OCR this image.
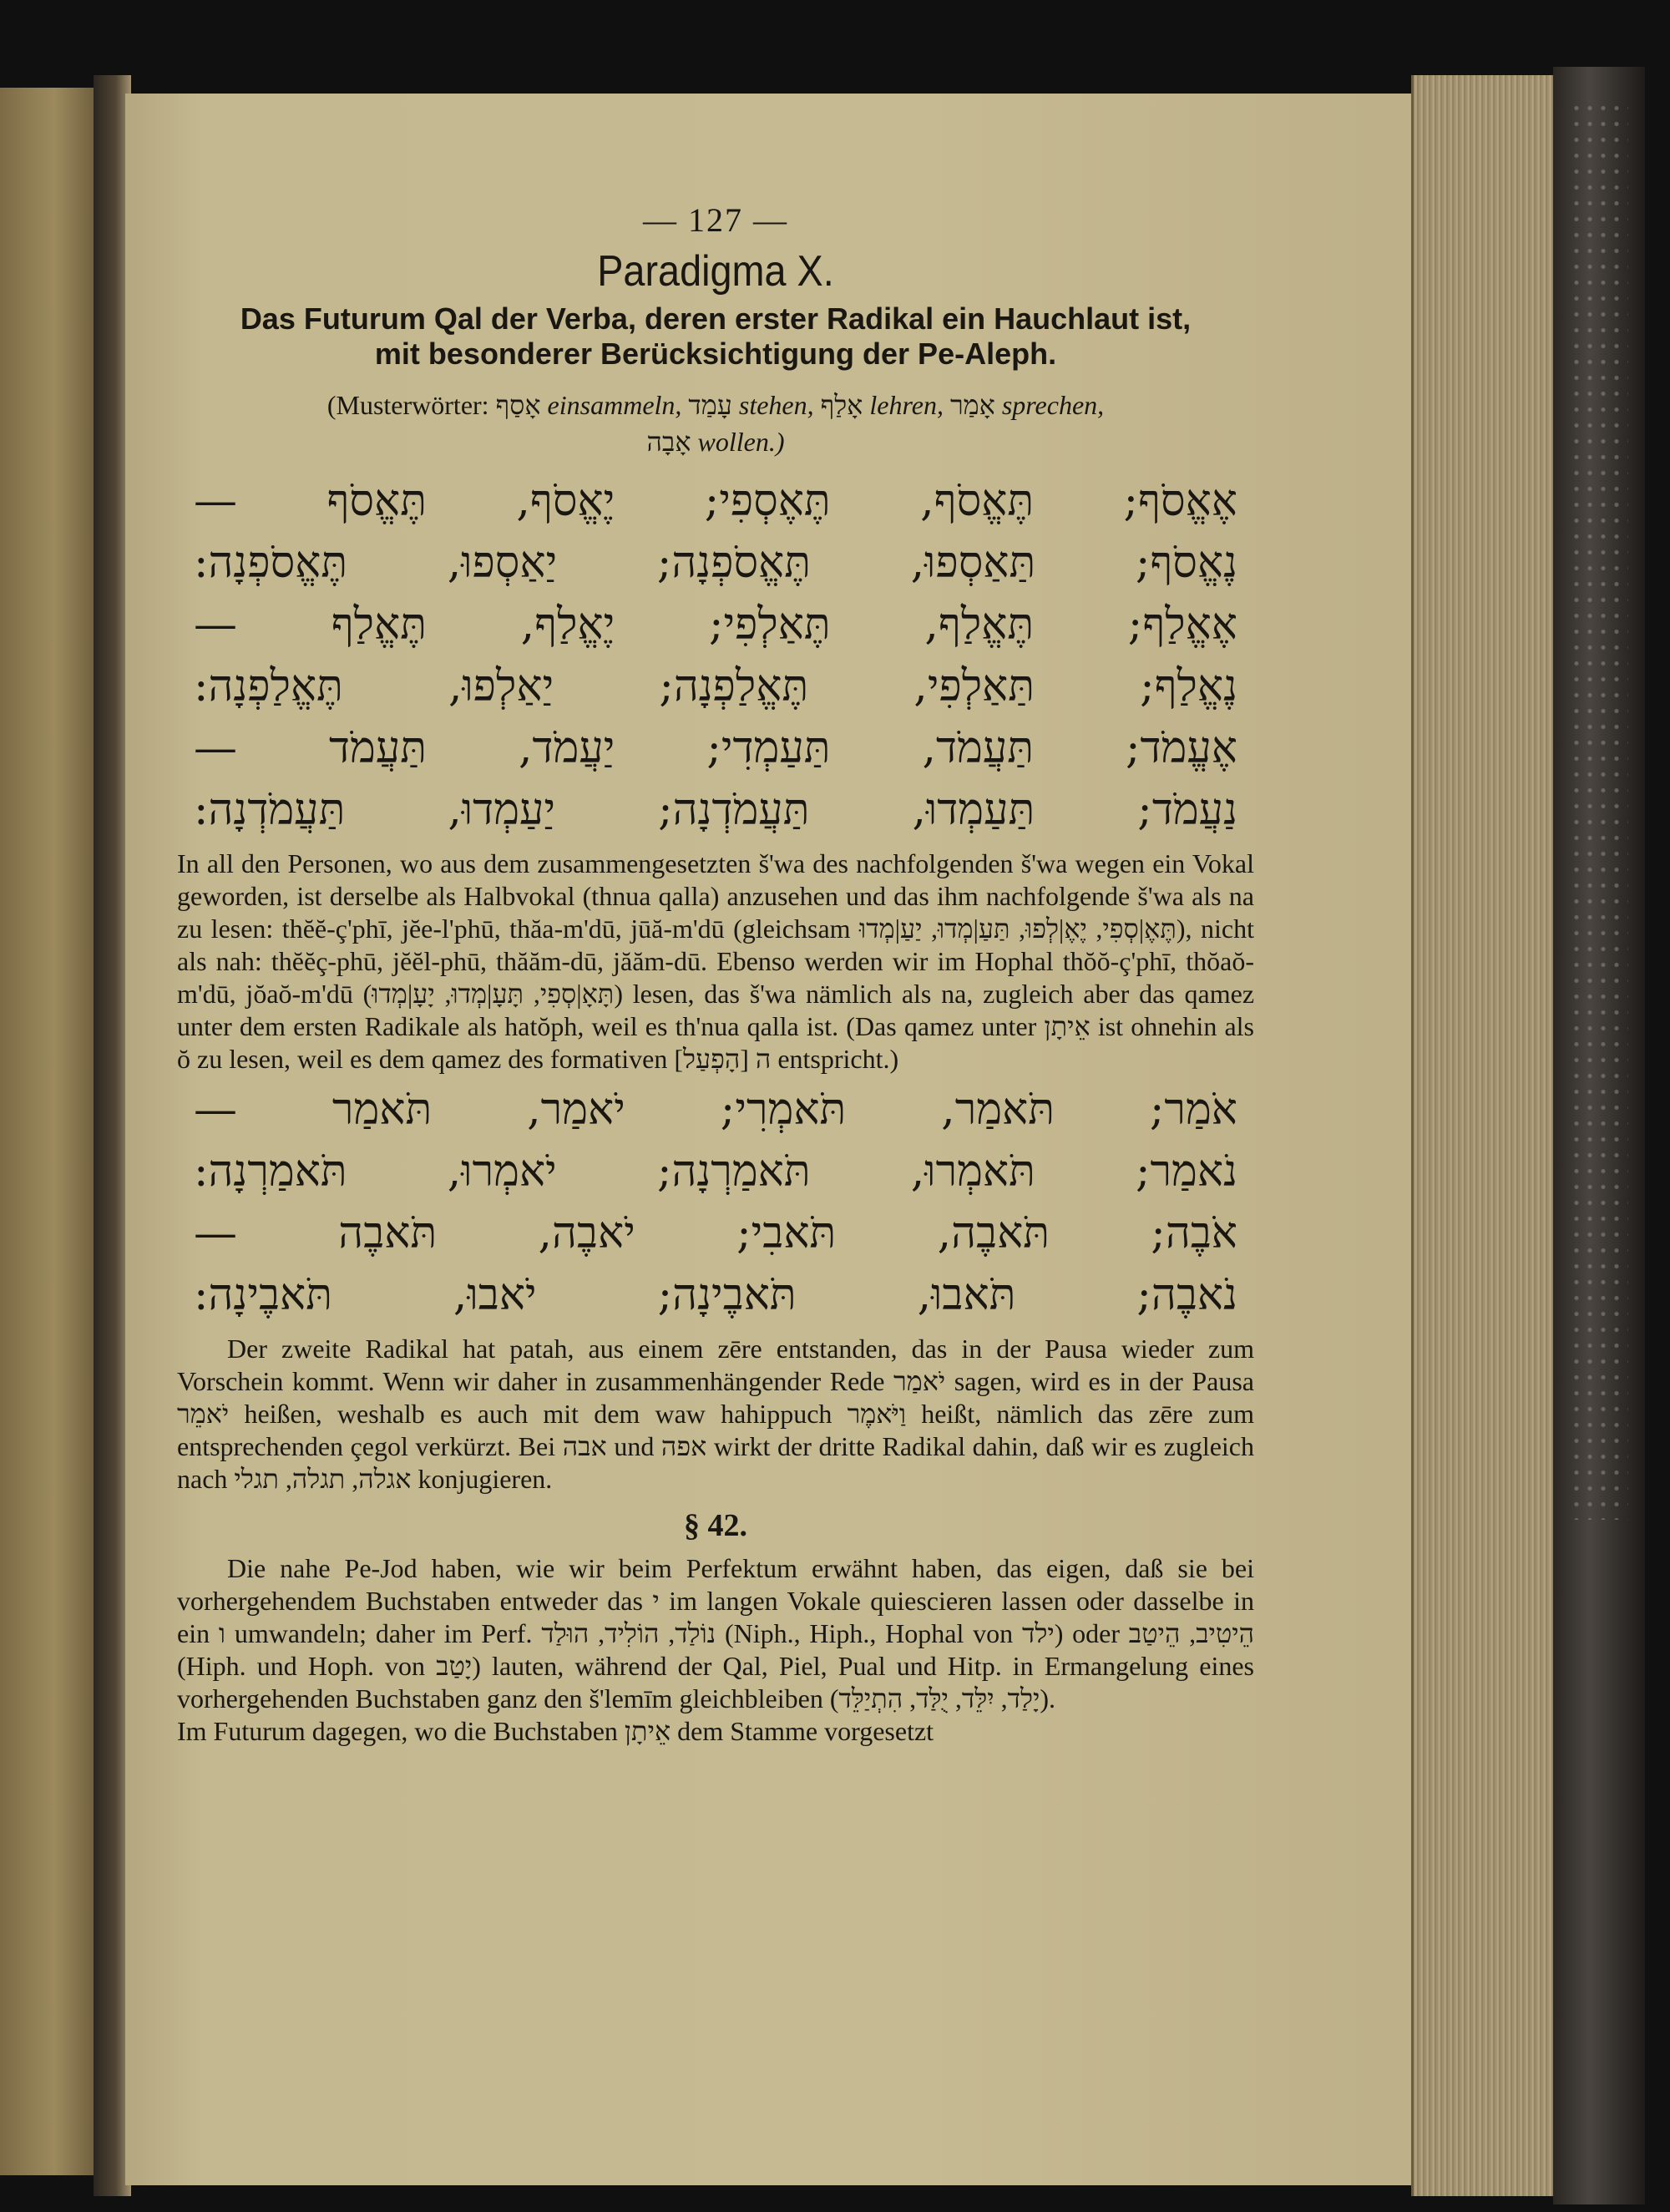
— 127 —
Paradigma X.
Das Futurum Qal der Verba, deren erster Radikal ein Hauchlaut ist,
mit besonderer Berücksichtigung der Pe-Aleph.
(Musterwörter: אָסַף einsammeln, עָמַד stehen, אָלַף lehren, אָמַר sprechen,
אָבָה wollen.)

אֶאֱסֹף; תֶּאֱסֹף, תֶּאֶסְפִי; יֶאֱסֹף, תֶּאֱסֹף —

נֶאֱסֹף; תַּאַסְפוּ, תֶּאֱסֹפְנָה; יַאַסְפוּ, תֶּאֱסֹפְנָה:

אֶאֱלַף; תֶּאֱלַף, תֶּאַלְפִי; יֶאֱלַף, תֶּאֱלַף —

נֶאֱלַף; תַּאַלְפִי, תֶּאֱלַפְנָה; יַאַלְפוּ, תֶּאֱלַפְנָה:

אֶעֱמֹד; תַּעֲמֹד, תַּעַמְדִי; יַעֲמֹד, תַּעֲמֹד —

נַעֲמֹד; תַּעַמְדוּ, תַּעֲמֹדְנָה; יַעַמְדוּ, תַּעֲמֹדְנָה:

In all den Personen, wo aus dem zusammengesetzten š'wa des nachfolgenden š'wa wegen ein Vokal geworden, ist derselbe als Halbvokal (thnua qalla) anzusehen und das ihm nachfolgende š'wa als na zu lesen: thĕĕ-ç'phī, jĕe-l'phū, thăa-m'dū, jūă-m'dū (gleichsam תֶּאֶ|סְפִי, יֶאֶ|לְפוּ, תַּעַ|מְדוּ, יַעַ|מְדוּ), nicht als nah: thĕĕç-phū, jĕĕl-phū, thăăm-dū, jăăm-dū. Ebenso werden wir im Hophal thŏŏ-ç'phī, thŏaŏ-m'dū, jŏaŏ-m'dū (תָּאָ|סְפִי, תָּעָ|מְדוּ, יָעָ|מְדוּ) lesen, das š'wa nämlich als na, zugleich aber das qamez unter dem ersten Radikale als hatŏph, weil es th'nua qalla ist. (Das qamez unter אֵיתָן ist ohnehin als ŏ zu lesen, weil es dem qamez des formativen ה [הָפְעַל] entspricht.)

אֹמַר; תֹּאמַר, תֹּאמְרִי; יֹאמַר, תֹּאמַר —

נֹאמַר; תֹּאמְרוּ, תֹּאמַרְנָה; יֹאמְרוּ, תֹּאמַרְנָה:

אֹבֶה; תֹּאבֶה, תֹּאבִי; יֹאבֶה, תֹּאבֶה —

נֹאבֶה; תֹּאבוּ, תֹּאבֶינָה; יֹאבוּ, תֹּאבֶינָה:

Der zweite Radikal hat patah, aus einem zēre entstanden, das in der Pausa wieder zum Vorschein kommt. Wenn wir daher in zusammenhängender Rede יֹאמַר sagen, wird es in der Pausa יֹאמֵר heißen, weshalb es auch mit dem waw hahippuch וַיֹּאמֶר heißt, nämlich das zēre zum entsprechenden çegol verkürzt. Bei אבה und אפה wirkt der dritte Radikal dahin, daß wir es zugleich nach אגלה, תגלה, תגלי konjugieren.

§ 42.

Die nahe Pe-Jod haben, wie wir beim Perfektum erwähnt haben, das eigen, daß sie bei vorhergehendem Buchstaben entweder das י im langen Vokale quiescieren lassen oder dasselbe in ein ו umwandeln; daher im Perf. נוֹלַד, הוֹלִיד, הוּלַד (Niph., Hiph., Hophal von ילד) oder הֵיטִיב, הֵיטַב (Hiph. und Hoph. von יָטַב) lauten, während der Qal, Piel, Pual und Hitp. in Ermangelung eines vorhergehenden Buchstaben ganz den š'lemīm gleichbleiben (יָלַד, יִלֵּד, יֻלַּד, הִתְיַלֵּד).

Im Futurum dagegen, wo die Buchstaben אֵיתָן dem Stamme vorgesetzt
